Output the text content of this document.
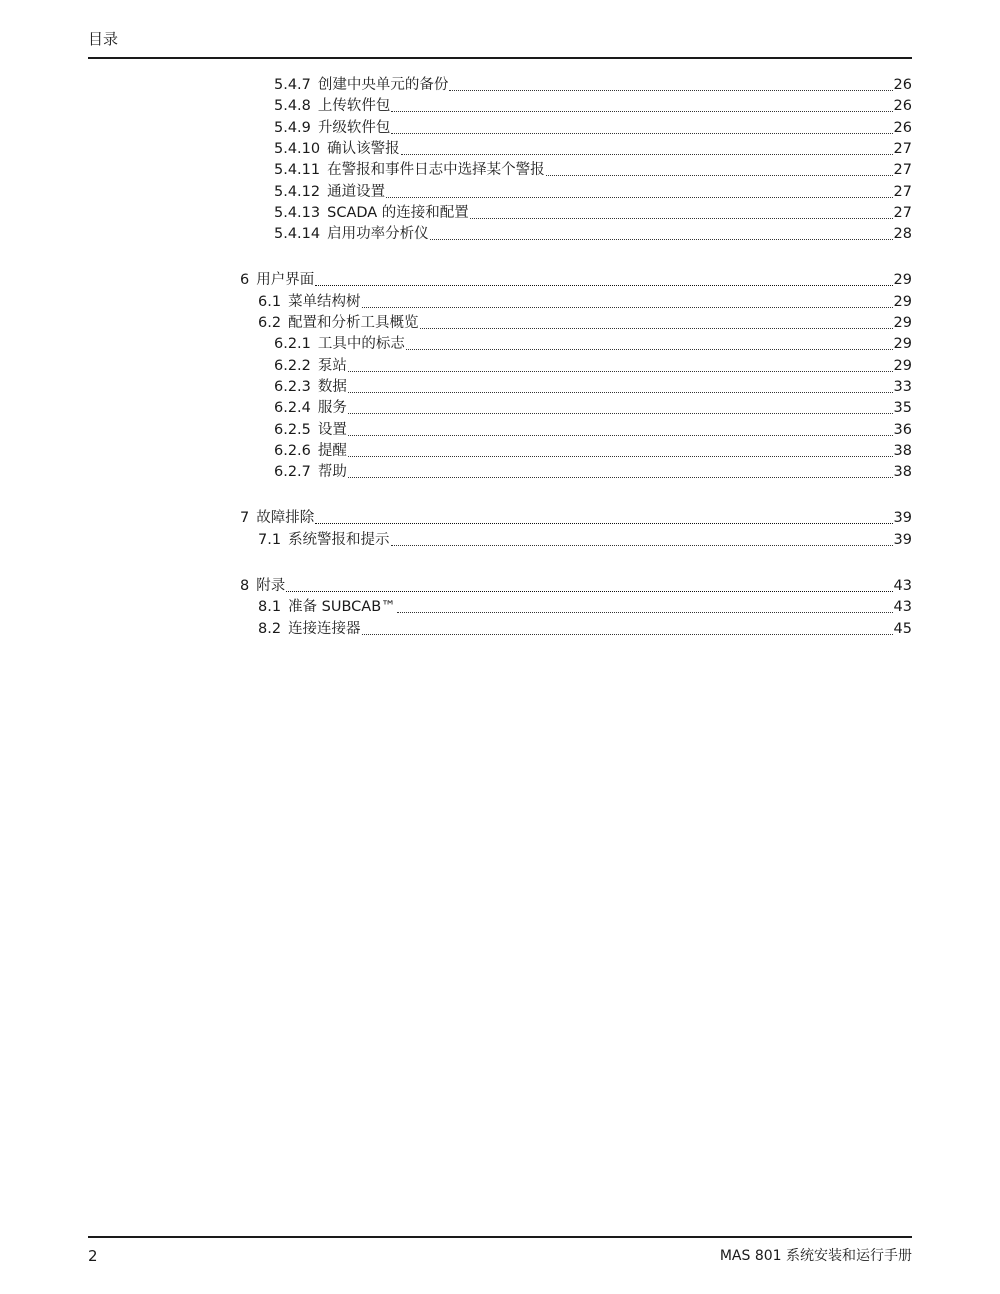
目录
5.4.7 创建中央单元的备份	26
5.4.8 上传软件包	26
5.4.9 升级软件包	26
5.4.10 确认该警报	27
5.4.11 在警报和事件日志中选择某个警报	27
5.4.12 通道设置	27
5.4.13 SCADA 的连接和配置	27
5.4.14 启用功率分析仪	28
6 用户界面	29
6.1 菜单结构树	29
6.2 配置和分析工具概览	29
6.2.1 工具中的标志	29
6.2.2 泵站	29
6.2.3 数据	33
6.2.4 服务	35
6.2.5 设置	36
6.2.6 提醒	38
6.2.7 帮助	38
7 故障排除	39
7.1 系统警报和提示	39
8 附录	43
8.1 准备 SUBCAB™	43
8.2 连接连接器	45
2	MAS 801 系统安装和运行手册
